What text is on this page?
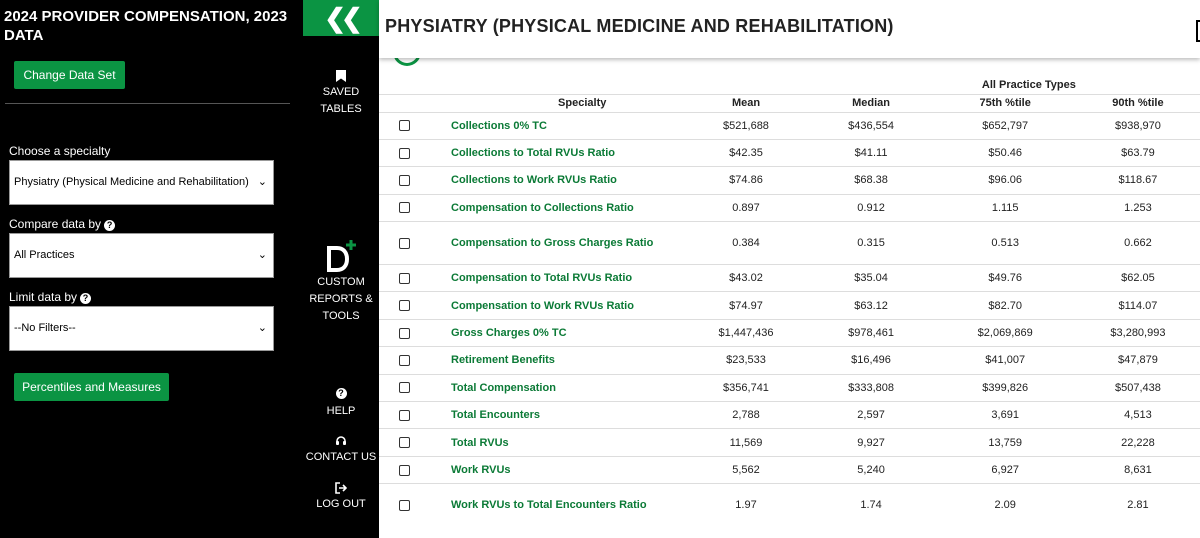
2024 PROVIDER COMPENSATION, 2023 DATA
Change Data Set
Choose a specialty
Physiatry (Physical Medicine and Rehabilitation) ⌄
Compare data by ?
All Practices	⌄
Limit data by ?
--No Filters--	⌄
Percentiles and Measures
❮❮
SAVED TABLES
CUSTOM REPORTS & TOOLS
?
HELP
CONTACT US
LOG OUT
PHYSIATRY (PHYSICAL MEDICINE AND REHABILITATION)
		All Practice Types			
	Specialty	Mean	Median	75th %tile	90th %tile
	Collections 0% TC	$521,688	$436,554	$652,797	$938,970
	Collections to Total RVUs Ratio	$42.35	$41.11	$50.46	$63.79
	Collections to Work RVUs Ratio	$74.86	$68.38	$96.06	$118.67
	Compensation to Collections Ratio	0.897	0.912	1.115	1.253
	Compensation to Gross Charges Ratio	0.384	0.315	0.513	0.662
	Compensation to Total RVUs Ratio	$43.02	$35.04	$49.76	$62.05
	Compensation to Work RVUs Ratio	$74.97	$63.12	$82.70	$114.07
	Gross Charges 0% TC	$1,447,436	$978,461	$2,069,869	$3,280,993
	Retirement Benefits	$23,533	$16,496	$41,007	$47,879
	Total Compensation	$356,741	$333,808	$399,826	$507,438
	Total Encounters	2,788	2,597	3,691	4,513
	Total RVUs	11,569	9,927	13,759	22,228
	Work RVUs	5,562	5,240	6,927	8,631
	Work RVUs to Total Encounters Ratio	1.97	1.74	2.09	2.81
